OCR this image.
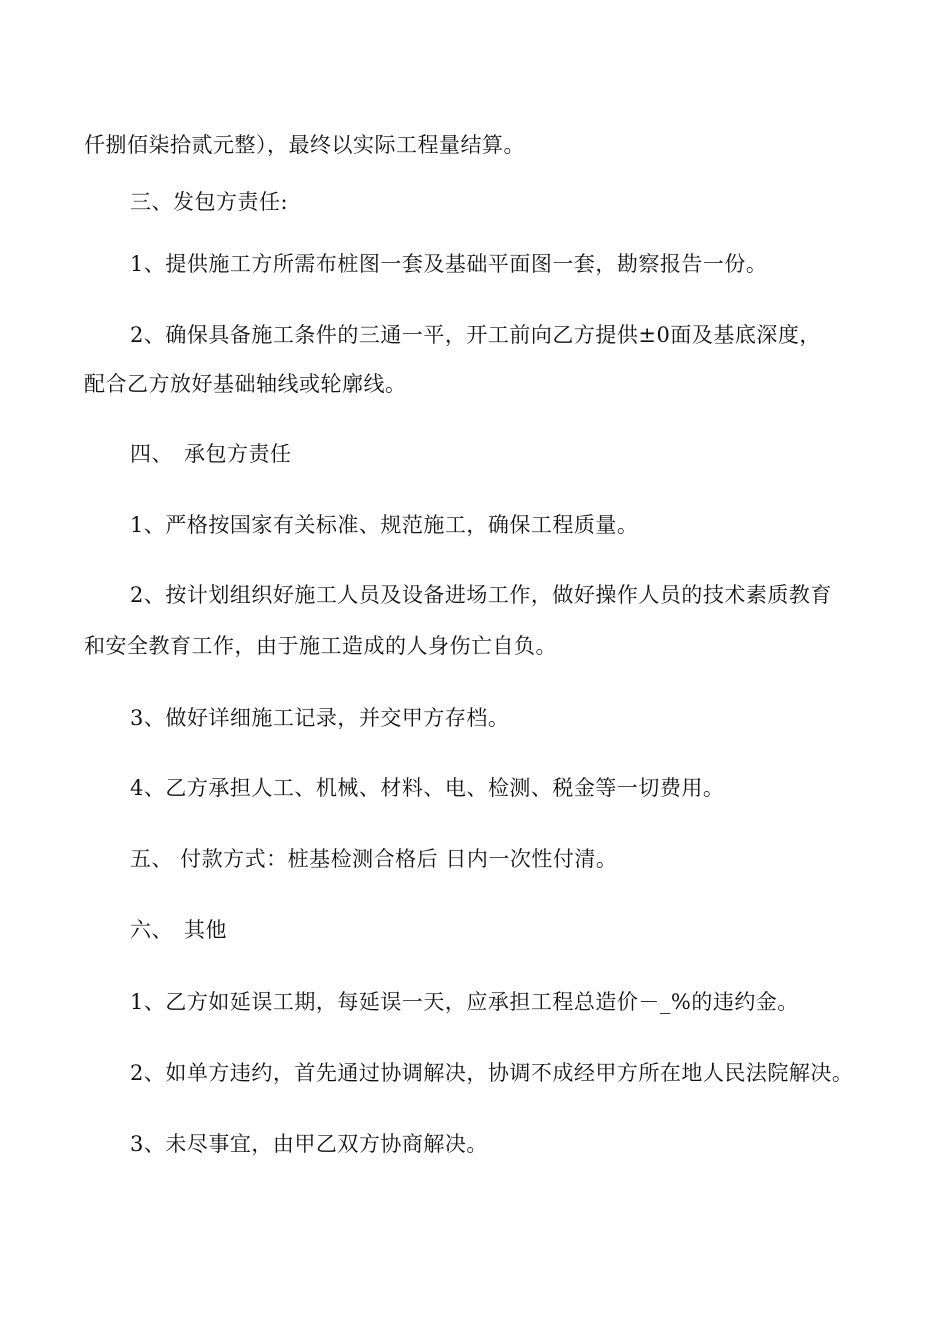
仟捌佰柒拾贰元整），最终以实际工程量结算。
三、发包方责任:
1、提供施工方所需布桩图一套及基础平面图一套，勘察报告一份。
2、确保具备施工条件的三通一平，开工前向乙方提供±0面及基底深度，
配合乙方放好基础轴线或轮廓线。
四、　承包方责任
1、严格按国家有关标准、规范施工，确保工程质量。
2、按计划组织好施工人员及设备进场工作，做好操作人员的技术素质教育
和安全教育工作，由于施工造成的人身伤亡自负。
3、做好详细施工记录，并交甲方存档。
4、乙方承担人工、机械、材料、电、检测、税金等一切费用。
五、 付款方式：桩基检测合格后 日内一次性付清。
六、　其他
1、乙方如延误工期，每延误一天，应承担工程总造价－_%的违约金。
2、如单方违约，首先通过协调解决，协调不成经甲方所在地人民法院解决。
3、未尽事宜，由甲乙双方协商解决。
